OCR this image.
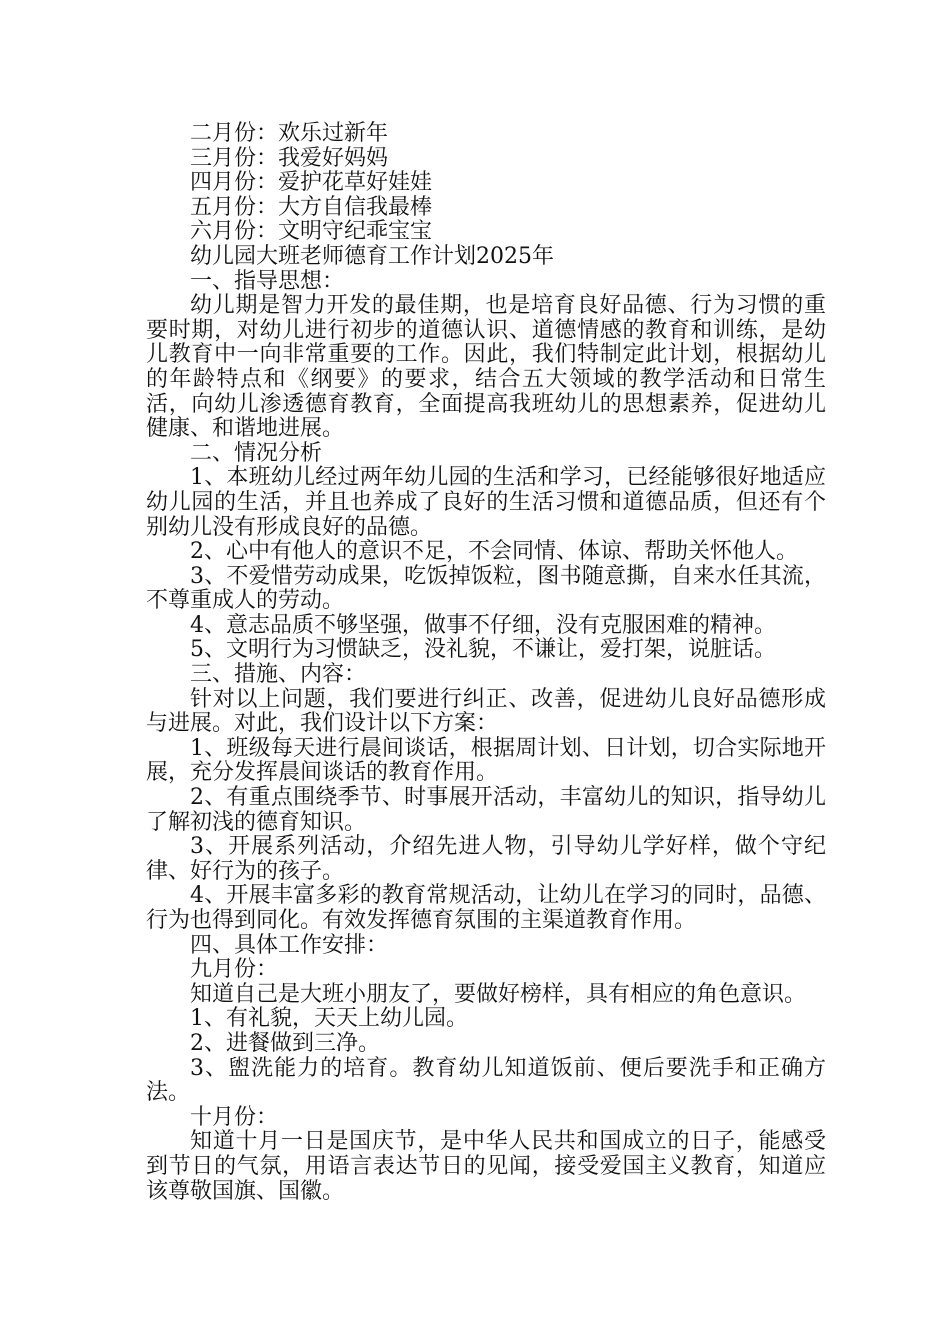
二月份：欢乐过新年

三月份：我爱好妈妈

四月份：爱护花草好娃娃

五月份：大方自信我最棒

六月份：文明守纪乖宝宝

幼儿园大班老师德育工作计划2025年

一、指导思想：

幼儿期是智力开发的最佳期，也是培育良好品德、行为习惯的重要时期，对幼儿进行初步的道德认识、道德情感的教育和训练，是幼儿教育中一向非常重要的工作。因此，我们特制定此计划，根据幼儿的年龄特点和《纲要》的要求，结合五大领域的教学活动和日常生活，向幼儿渗透德育教育，全面提高我班幼儿的思想素养，促进幼儿健康、和谐地进展。

二、情况分析

1、本班幼儿经过两年幼儿园的生活和学习，已经能够很好地适应幼儿园的生活，并且也养成了良好的生活习惯和道德品质，但还有个别幼儿没有形成良好的品德。

2、心中有他人的意识不足，不会同情、体谅、帮助关怀他人。

3、不爱惜劳动成果，吃饭掉饭粒，图书随意撕，自来水任其流，不尊重成人的劳动。

4、意志品质不够坚强，做事不仔细，没有克服困难的精神。

5、文明行为习惯缺乏，没礼貌，不谦让，爱打架，说脏话。

三、措施、内容：

针对以上问题，我们要进行纠正、改善，促进幼儿良好品德形成与进展。对此，我们设计以下方案：

1、班级每天进行晨间谈话，根据周计划、日计划，切合实际地开展，充分发挥晨间谈话的教育作用。

2、有重点围绕季节、时事展开活动，丰富幼儿的知识，指导幼儿了解初浅的德育知识。

3、开展系列活动，介绍先进人物，引导幼儿学好样，做个守纪律、好行为的孩子。

4、开展丰富多彩的教育常规活动，让幼儿在学习的同时，品德、行为也得到同化。有效发挥德育氛围的主渠道教育作用。

四、具体工作安排：

九月份：

知道自己是大班小朋友了，要做好榜样，具有相应的角色意识。

1、有礼貌，天天上幼儿园。

2、进餐做到三净。

3、盥洗能力的培育。教育幼儿知道饭前、便后要洗手和正确方法。

十月份：

知道十月一日是国庆节，是中华人民共和国成立的日子，能感受到节日的气氛，用语言表达节日的见闻，接受爱国主义教育，知道应该尊敬国旗、国徽。
